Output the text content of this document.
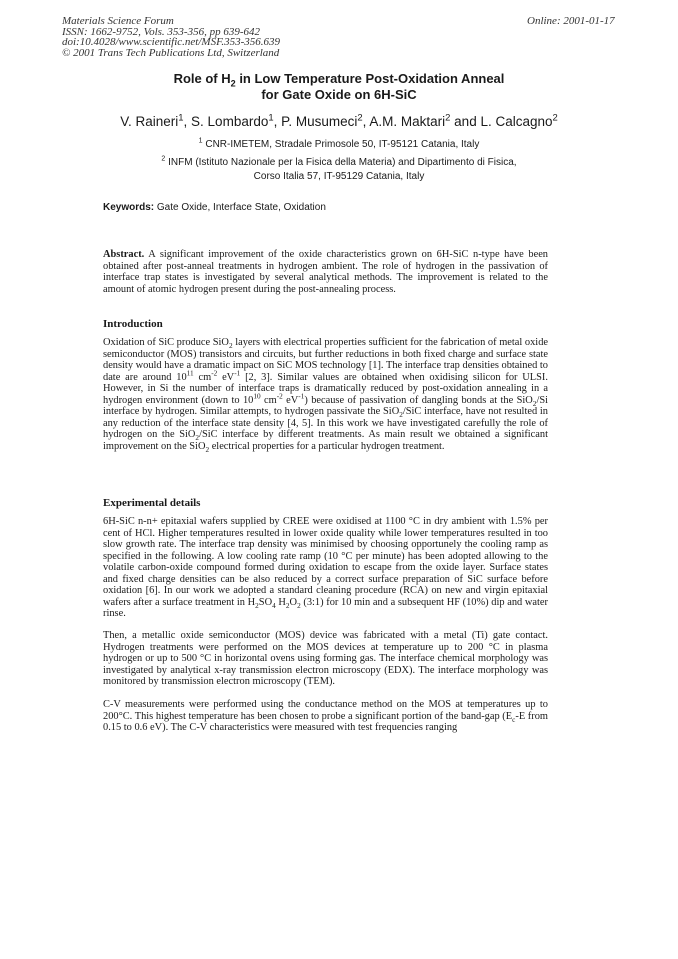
Materials Science Forum
ISSN: 1662-9752, Vols. 353-356, pp 639-642
doi:10.4028/www.scientific.net/MSF.353-356.639
© 2001 Trans Tech Publications Ltd, Switzerland
Online: 2001-01-17
Role of $H_2$ in Low Temperature Post-Oxidation Anneal
for Gate Oxide on 6H-SiC
V. Raineri$^1$, S. Lombardo$^1$, P. Musumeci$^2$, A.M. Maktari$^2$ and L. Calcagno$^2$
$^1$ CNR-IMETEM, Stradale Primosole 50, IT-95121 Catania, Italy
$^2$ INFM (Istituto Nazionale per la Fisica della Materia) and Dipartimento di Fisica,
Corso Italia 57, IT-95129 Catania, Italy
Keywords: Gate Oxide, Interface State, Oxidation

Abstract. A significant improvement of the oxide characteristics grown on 6H-SiC n-type have been obtained after post-anneal treatments in hydrogen ambient. The role of hydrogen in the passivation of interface trap states is investigated by several analytical methods. The improvement is related to the amount of atomic hydrogen present during the post-annealing process.

Introduction

Oxidation of SiC produce SiO$_2$ layers with electrical properties sufficient for the fabrication of metal oxide semiconductor (MOS) transistors and circuits, but further reductions in both fixed charge and surface state density would have a dramatic impact on SiC MOS technology [1]. The interface trap densities obtained to date are around $10^{11}$ $cm^{-2}$ $eV^{-1}$ [2, 3]. Similar values are obtained when oxidising silicon for ULSI. However, in Si the number of interface traps is dramatically reduced by post-oxidation annealing in a hydrogen environment (down to $10^{10}$ $cm^{-2}$ $eV^{-1}$) because of passivation of dangling bonds at the SiO$_2$/Si interface by hydrogen. Similar attempts, to hydrogen passivate the SiO$_2$/SiC interface, have not resulted in any reduction of the interface state density [4, 5]. In this work we have investigated carefully the role of hydrogen on the SiO$_2$/SiC interface by different treatments. As main result we obtained a significant improvement on the SiO$_2$ electrical properties for a particular hydrogen treatment.

Experimental details

6H-SiC n-n+ epitaxial wafers supplied by CREE were oxidised at 1100 °C in dry ambient with 1.5% per cent of HCl. Higher temperatures resulted in lower oxide quality while lower temperatures resulted in too slow growth rate. The interface trap density was minimised by choosing opportunely the cooling ramp as specified in the following. A low cooling rate ramp (10 °C per minute) has been adopted allowing to the volatile carbon-oxide compound formed during oxidation to escape from the oxide layer. Surface states and fixed charge densities can be also reduced by a correct surface preparation of SiC surface before oxidation [6]. In our work we adopted a standard cleaning procedure (RCA) on new and virgin epitaxial wafers after a surface treatment in $H_2SO_4$ $H_2O_2$ (3:1) for 10 min and a subsequent HF (10%) dip and water rinse.

Then, a metallic oxide semiconductor (MOS) device was fabricated with a metal (Ti) gate contact. Hydrogen treatments were performed on the MOS devices at temperature up to 200 °C in plasma hydrogen or up to 500 °C in horizontal ovens using forming gas. The interface chemical morphology was investigated by analytical x-ray transmission electron microscopy (EDX). The interface morphology was monitored by transmission electron microscopy (TEM).

C-V measurements were performed using the conductance method on the MOS at temperatures up to 200°C. This highest temperature has been chosen to probe a significant portion of the band-gap ($E_c-E$ from 0.15 to 0.6 eV). The C-V characteristics were measured with test frequencies ranging
